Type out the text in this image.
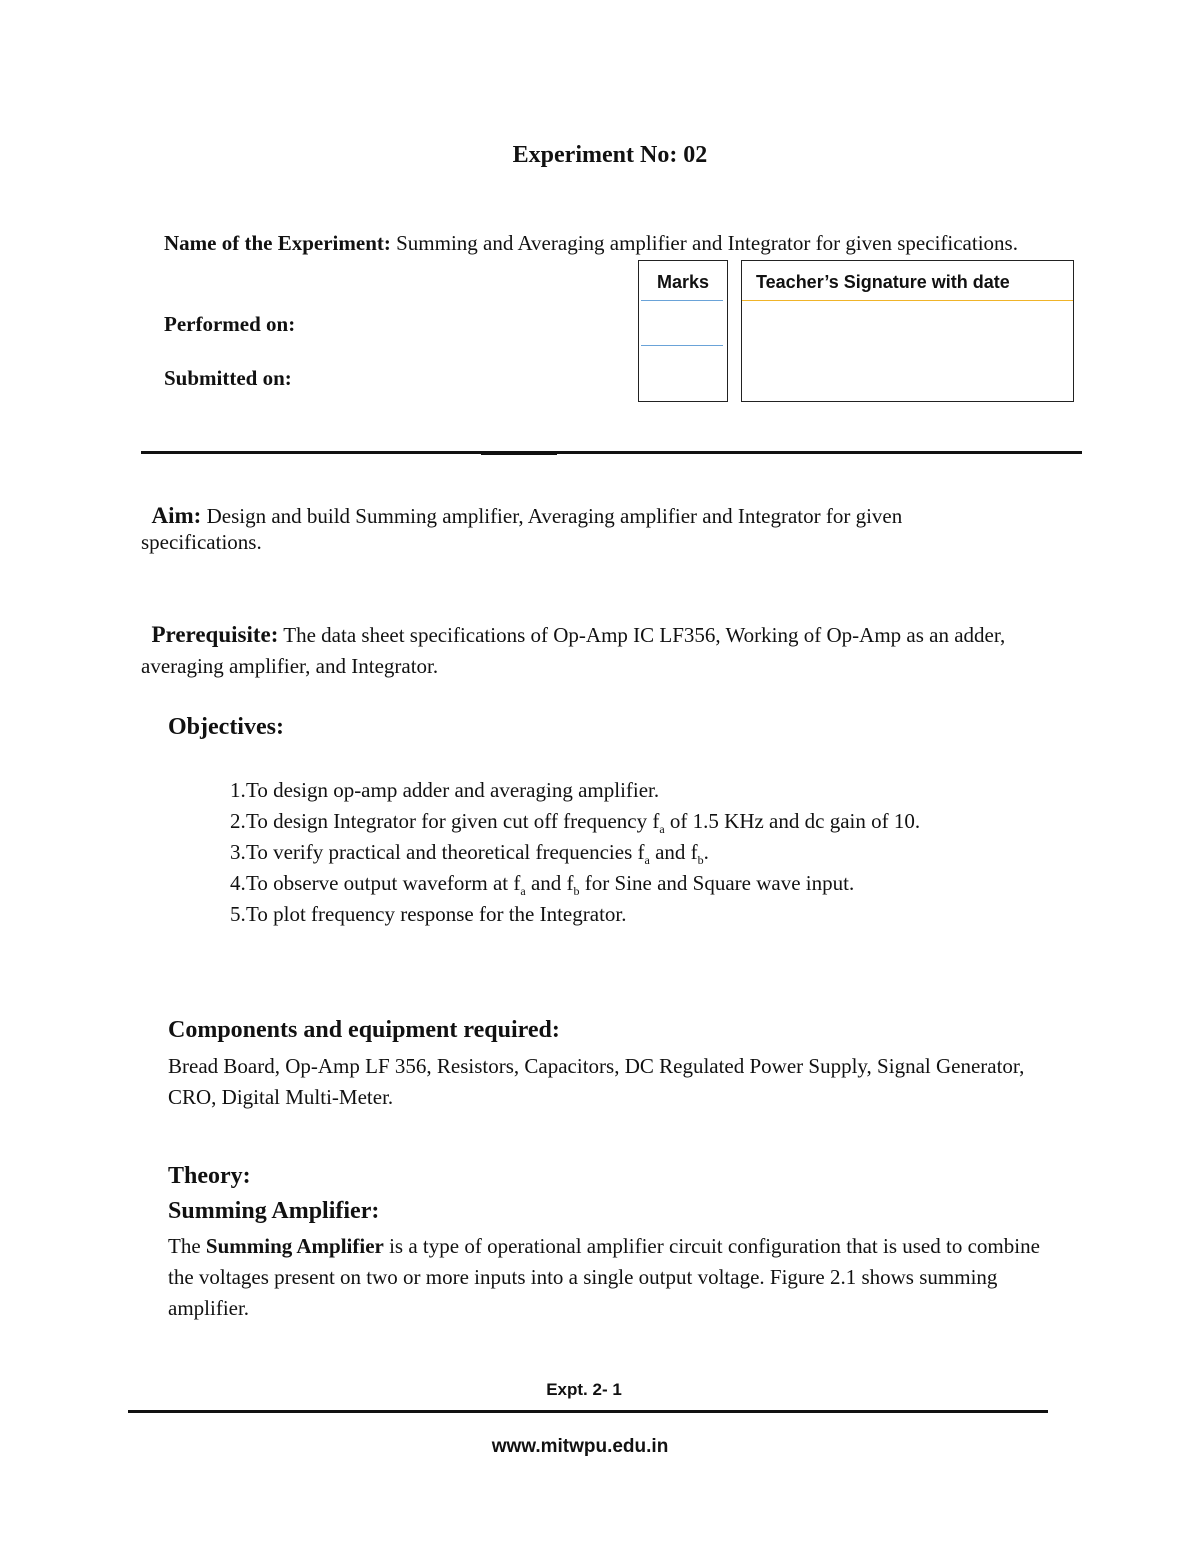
Experiment No: 02
Name of the Experiment: Summing and Averaging amplifier and Integrator for given specifications.
Performed on:
Submitted on:
Marks	Teacher’s Signature with date
Aim: Design and build Summing amplifier, Averaging amplifier and Integrator for given specifications.
Prerequisite: The data sheet specifications of Op-Amp IC LF356, Working of Op-Amp as an adder, averaging amplifier, and Integrator.
Objectives:
1. To design op-amp adder and averaging amplifier.
2. To design Integrator for given cut off frequency $f_a$ of 1.5 KHz and dc gain of 10.
3. To verify practical and theoretical frequencies $f_a$ and $f_b$.
4. To observe output waveform at $f_a$ and $f_b$ for Sine and Square wave input.
5. To plot frequency response for the Integrator.
Components and equipment required:
Bread Board, Op-Amp LF 356, Resistors, Capacitors, DC Regulated Power Supply, Signal Generator, CRO, Digital Multi-Meter.
Theory:
Summing Amplifier:
The Summing Amplifier is a type of operational amplifier circuit configuration that is used to combine the voltages present on two or more inputs into a single output voltage. Figure 2.1 shows summing amplifier.
Expt. 2- 1
www.mitwpu.edu.in
